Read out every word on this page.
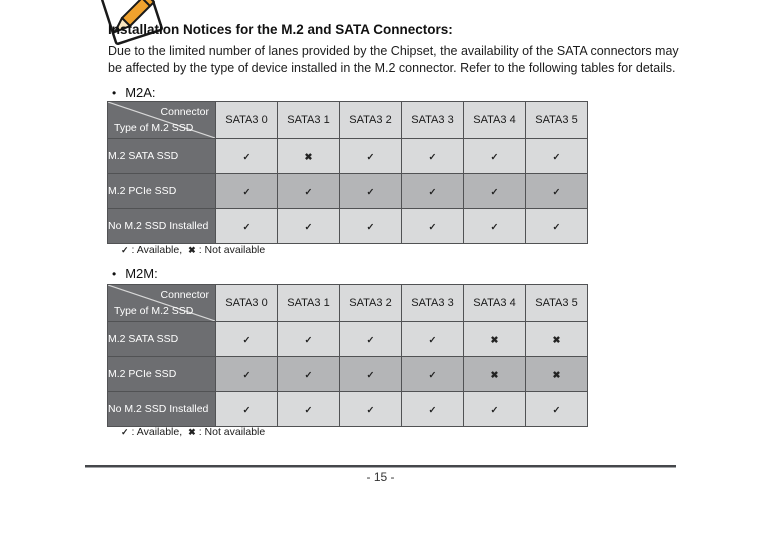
Installation Notices for the M.2 and SATA Connectors:
Due to the limited number of lanes provided by the Chipset, the availability of the SATA connectors may
be affected by the type of device installed in the M.2 connector. Refer to the following tables for details.
• M2A:
Connector
Type of M.2 SSD	SATA3 0	SATA3 1	SATA3 2	SATA3 3	SATA3 4	SATA3 5
M.2 SATA SSD	✓	✖	✓	✓	✓	✓
M.2 PCIe SSD	✓	✓	✓	✓	✓	✓
No M.2 SSD Installed	✓	✓	✓	✓	✓	✓
✓ : Available, ✖ : Not available
• M2M:
Connector
Type of M.2 SSD	SATA3 0	SATA3 1	SATA3 2	SATA3 3	SATA3 4	SATA3 5
M.2 SATA SSD	✓	✓	✓	✓	✖	✖
M.2 PCIe SSD	✓	✓	✓	✓	✖	✖
No M.2 SSD Installed	✓	✓	✓	✓	✓	✓
✓ : Available, ✖ : Not available
- 15 -
